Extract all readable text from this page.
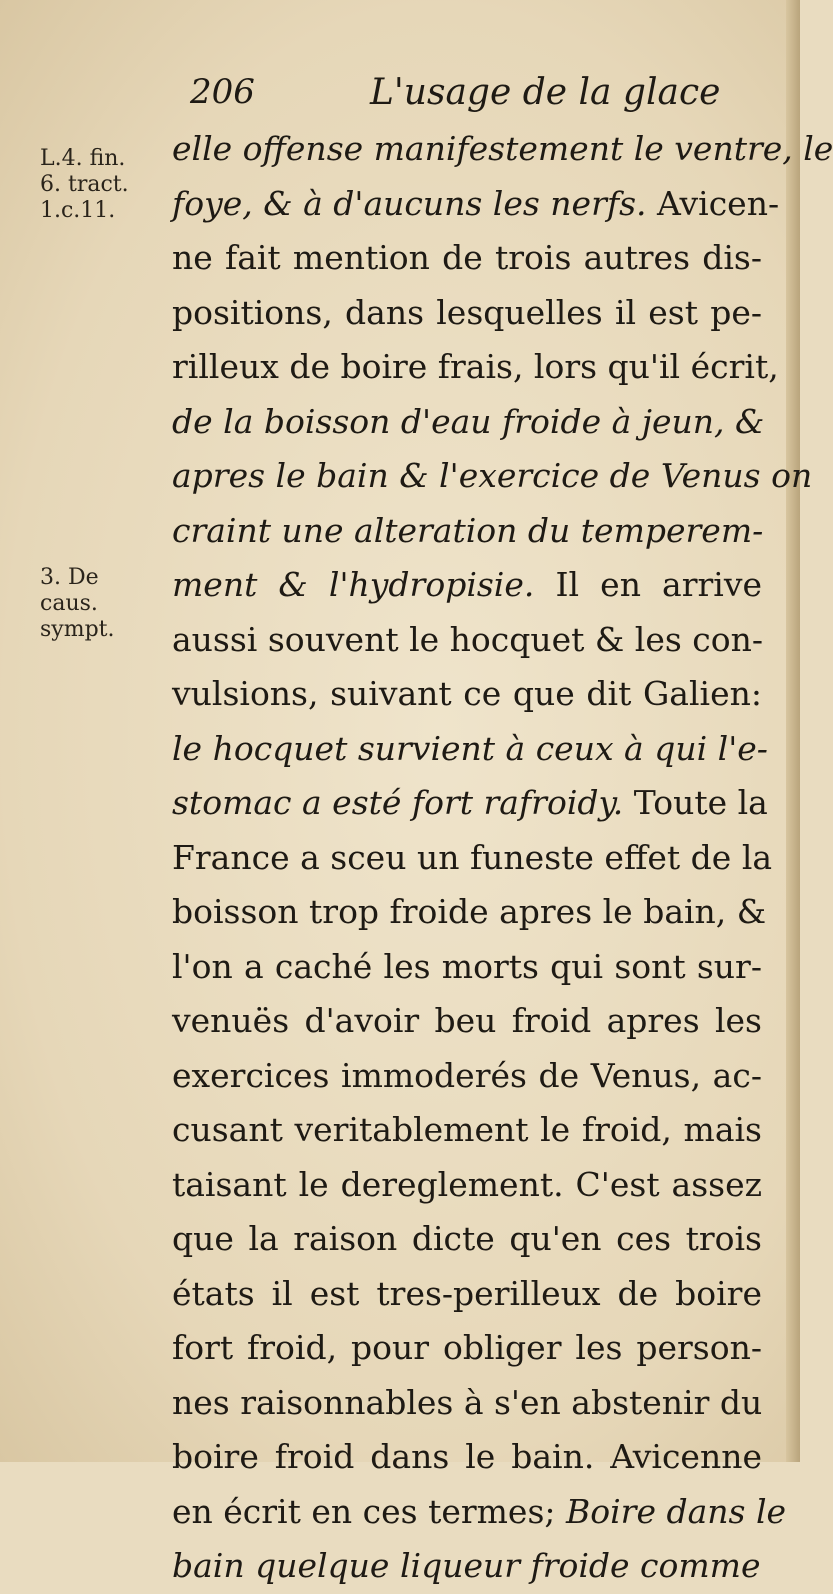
206	L'usage de la glace
L.4. fin.
6. tract.
1.c.11.
3. De
caus.
sympt.
elle offense manifestement le ventre, le
foye, & à d'aucuns les nerfs. Avicen-
ne fait mention de trois autres dis-
positions, dans lesquelles il est pe-
rilleux de boire frais, lors qu'il écrit,
de la boisson d'eau froide à jeun, &
apres le bain & l'exercice de Venus on
craint une alteration du temperem-
ment & l'hydropisie. Il en arrive
aussi souvent le hocquet & les con-
vulsions, suivant ce que dit Galien:
le hocquet survient à ceux à qui l'e-
stomac a esté fort rafroidy. Toute la
France a sceu un funeste effet de la
boisson trop froide apres le bain, &
l'on a caché les morts qui sont sur-
venuës d'avoir beu froid apres les
exercices immoderés de Venus, ac-
cusant veritablement le froid, mais
taisant le dereglement. C'est assez
que la raison dicte qu'en ces trois
états il est tres-perilleux de boire
fort froid, pour obliger les person-
nes raisonnables à s'en abstenir du
boire froid dans le bain. Avicenne
en écrit en ces termes; Boire dans le
bain quelque liqueur froide comme
